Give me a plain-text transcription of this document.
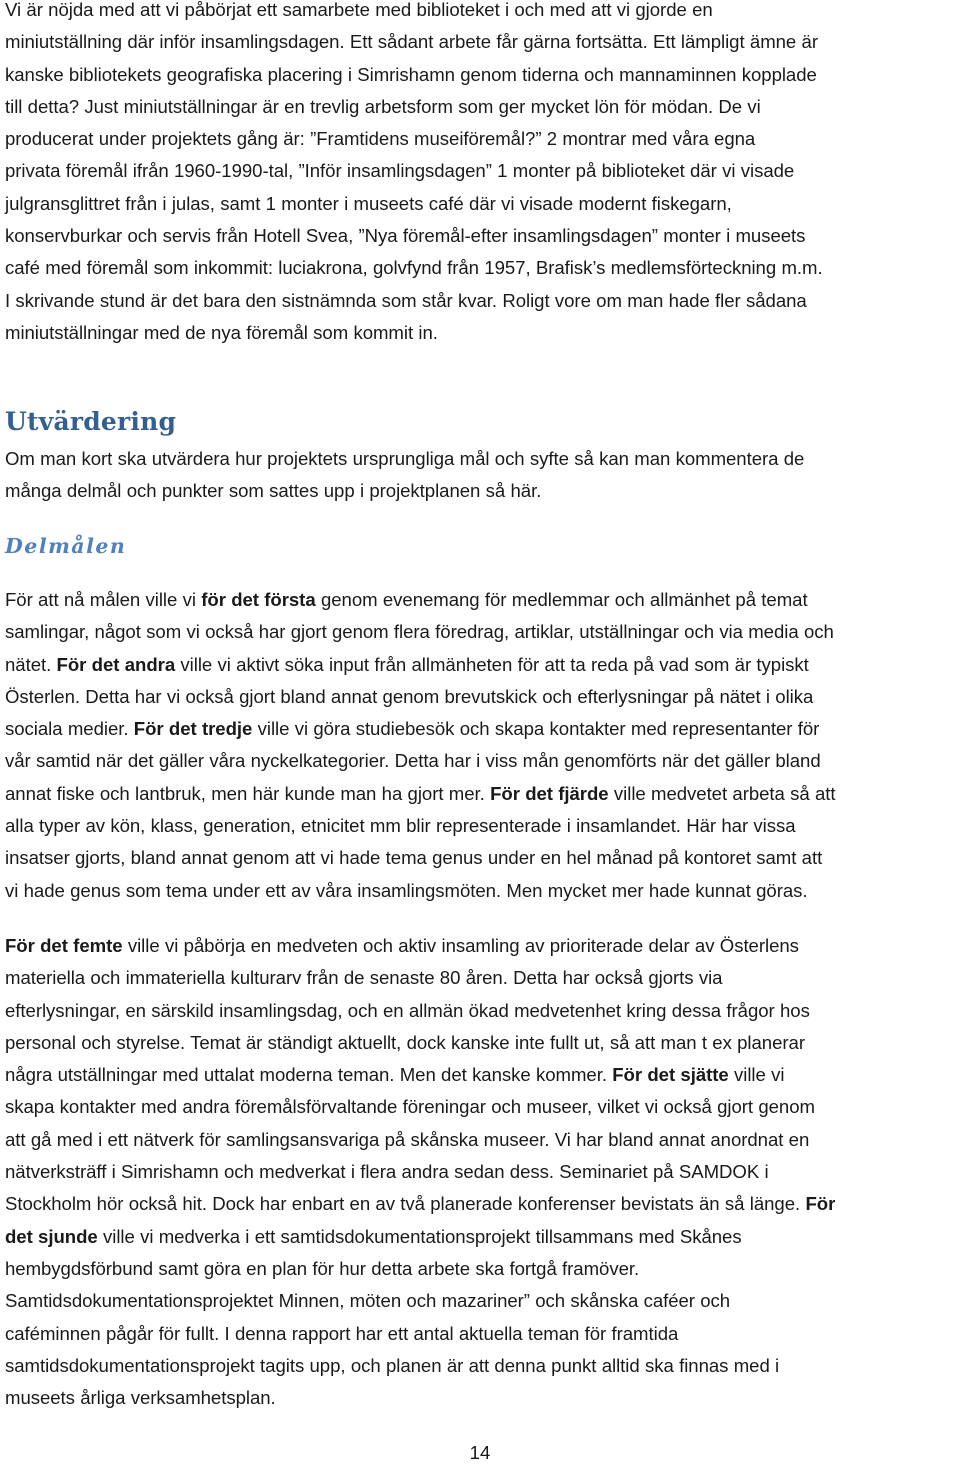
Vi är nöjda med att vi påbörjat ett samarbete med biblioteket i och med att vi gjorde en
miniutställning där inför insamlingsdagen. Ett sådant arbete får gärna fortsätta. Ett lämpligt ämne är
kanske bibliotekets geografiska placering i Simrishamn genom tiderna och mannaminnen kopplade
till detta? Just miniutställningar är en trevlig arbetsform som ger mycket lön för mödan. De vi
producerat under projektets gång är: ”Framtidens museiföremål?” 2 montrar med våra egna
privata föremål ifrån 1960-1990-tal, ”Inför insamlingsdagen” 1 monter på biblioteket där vi visade
julgransglittret från i julas, samt 1 monter i museets café där vi visade modernt fiskegarn,
konservburkar och servis från Hotell Svea, ”Nya föremål-efter insamlingsdagen” monter i museets
café med föremål som inkommit: luciakrona, golvfynd från 1957, Brafisk’s medlemsförteckning m.m.
I skrivande stund är det bara den sistnämnda som står kvar. Roligt vore om man hade fler sådana
miniutställningar med de nya föremål som kommit in.
Utvärdering
Om man kort ska utvärdera hur projektets ursprungliga mål och syfte så kan man kommentera de
många delmål och punkter som sattes upp i projektplanen så här.
Delmålen
För att nå målen ville vi för det första genom evenemang för medlemmar och allmänhet på temat
samlingar, något som vi också har gjort genom flera föredrag, artiklar, utställningar och via media och
nätet. För det andra ville vi aktivt söka input från allmänheten för att ta reda på vad som är typiskt
Österlen. Detta har vi också gjort bland annat genom brevutskick och efterlysningar på nätet i olika
sociala medier. För det tredje ville vi göra studiebesök och skapa kontakter med representanter för
vår samtid när det gäller våra nyckelkategorier. Detta har i viss mån genomförts när det gäller bland
annat fiske och lantbruk, men här kunde man ha gjort mer. För det fjärde ville medvetet arbeta så att
alla typer av kön, klass, generation, etnicitet mm blir representerade i insamlandet. Här har vissa
insatser gjorts, bland annat genom att vi hade tema genus under en hel månad på kontoret samt att
vi hade genus som tema under ett av våra insamlingsmöten. Men mycket mer hade kunnat göras.
För det femte ville vi påbörja en medveten och aktiv insamling av prioriterade delar av Österlens
materiella och immateriella kulturarv från de senaste 80 åren. Detta har också gjorts via
efterlysningar, en särskild insamlingsdag, och en allmän ökad medvetenhet kring dessa frågor hos
personal och styrelse. Temat är ständigt aktuellt, dock kanske inte fullt ut, så att man t ex planerar
några utställningar med uttalat moderna teman. Men det kanske kommer. För det sjätte ville vi
skapa kontakter med andra föremålsförvaltande föreningar och museer, vilket vi också gjort genom
att gå med i ett nätverk för samlingsansvariga på skånska museer. Vi har bland annat anordnat en
nätverksträff i Simrishamn och medverkat i flera andra sedan dess. Seminariet på SAMDOK i
Stockholm hör också hit. Dock har enbart en av två planerade konferenser bevistats än så länge. För
det sjunde ville vi medverka i ett samtidsdokumentationsprojekt tillsammans med Skånes
hembygdsförbund samt göra en plan för hur detta arbete ska fortgå framöver.
Samtidsdokumentationsprojektet Minnen, möten och mazariner” och skånska caféer och
caféminnen pågår för fullt. I denna rapport har ett antal aktuella teman för framtida
samtidsdokumentationsprojekt tagits upp, och planen är att denna punkt alltid ska finnas med i
museets årliga verksamhetsplan.
14
